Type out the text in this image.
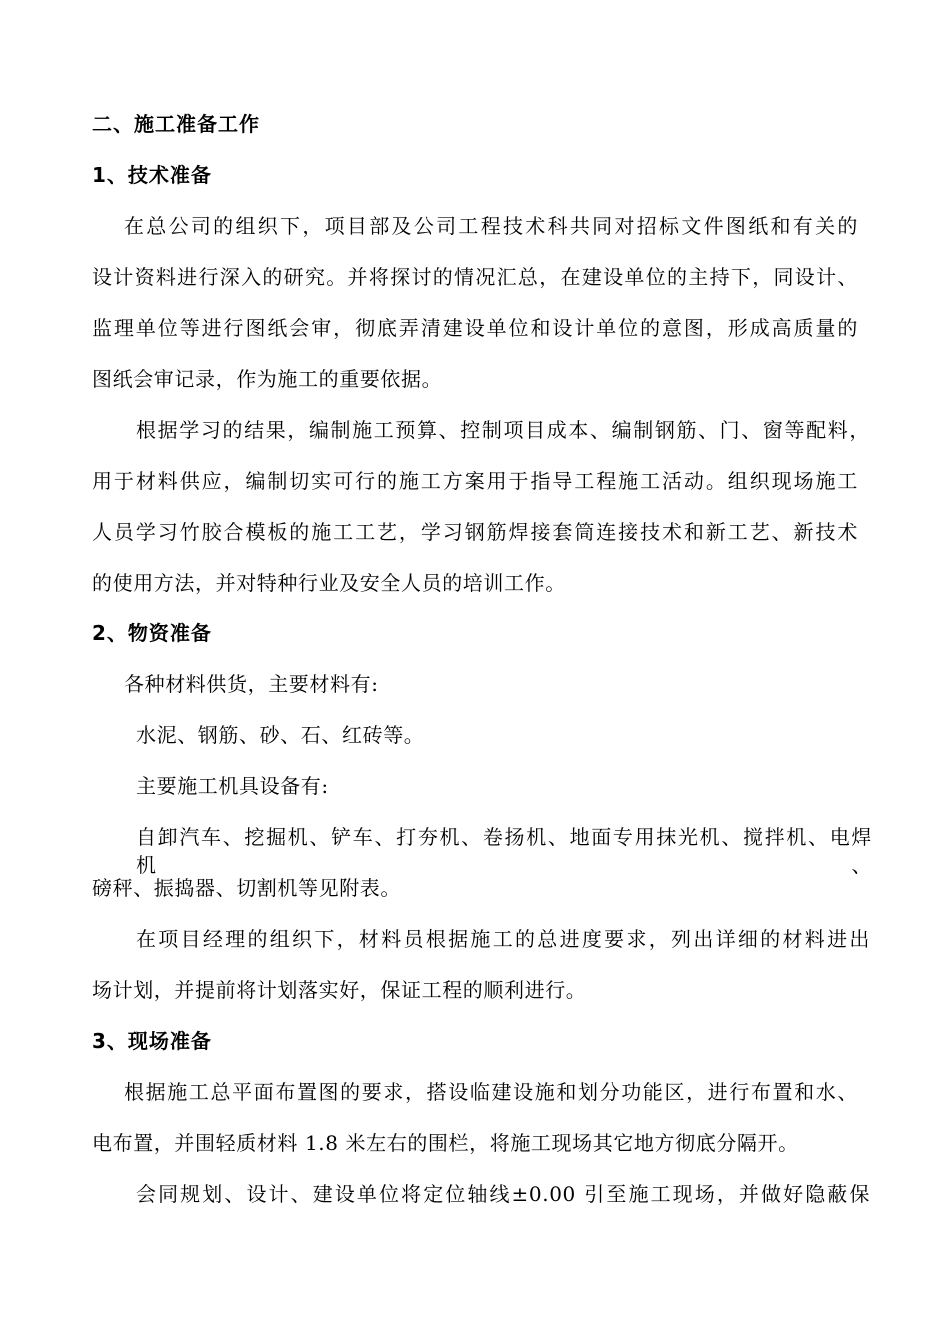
二、施工准备工作
1、技术准备
在总公司的组织下，项目部及公司工程技术科共同对招标文件图纸和有关的
设计资料进行深入的研究。并将探讨的情况汇总，在建设单位的主持下，同设计、
监理单位等进行图纸会审，彻底弄清建设单位和设计单位的意图，形成高质量的
图纸会审记录，作为施工的重要依据。
根据学习的结果，编制施工预算、控制项目成本、编制钢筋、门、窗等配料，
用于材料供应，编制切实可行的施工方案用于指导工程施工活动。组织现场施工
人员学习竹胶合模板的施工工艺，学习钢筋焊接套筒连接技术和新工艺、新技术
的使用方法，并对特种行业及安全人员的培训工作。
2、物资准备
各种材料供货，主要材料有:
水泥、钢筋、砂、石、红砖等。
主要施工机具设备有:
自卸汽车、挖掘机、铲车、打夯机、卷扬机、地面专用抹光机、搅拌机、电焊机、
磅秤、振捣器、切割机等见附表。
在项目经理的组织下，材料员根据施工的总进度要求，列出详细的材料进出
场计划，并提前将计划落实好，保证工程的顺利进行。
3、现场准备
根据施工总平面布置图的要求，搭设临建设施和划分功能区，进行布置和水、
电布置，并围轻质材料 1.8 米左右的围栏，将施工现场其它地方彻底分隔开。
会同规划、设计、建设单位将定位轴线±0.00 引至施工现场，并做好隐蔽保
